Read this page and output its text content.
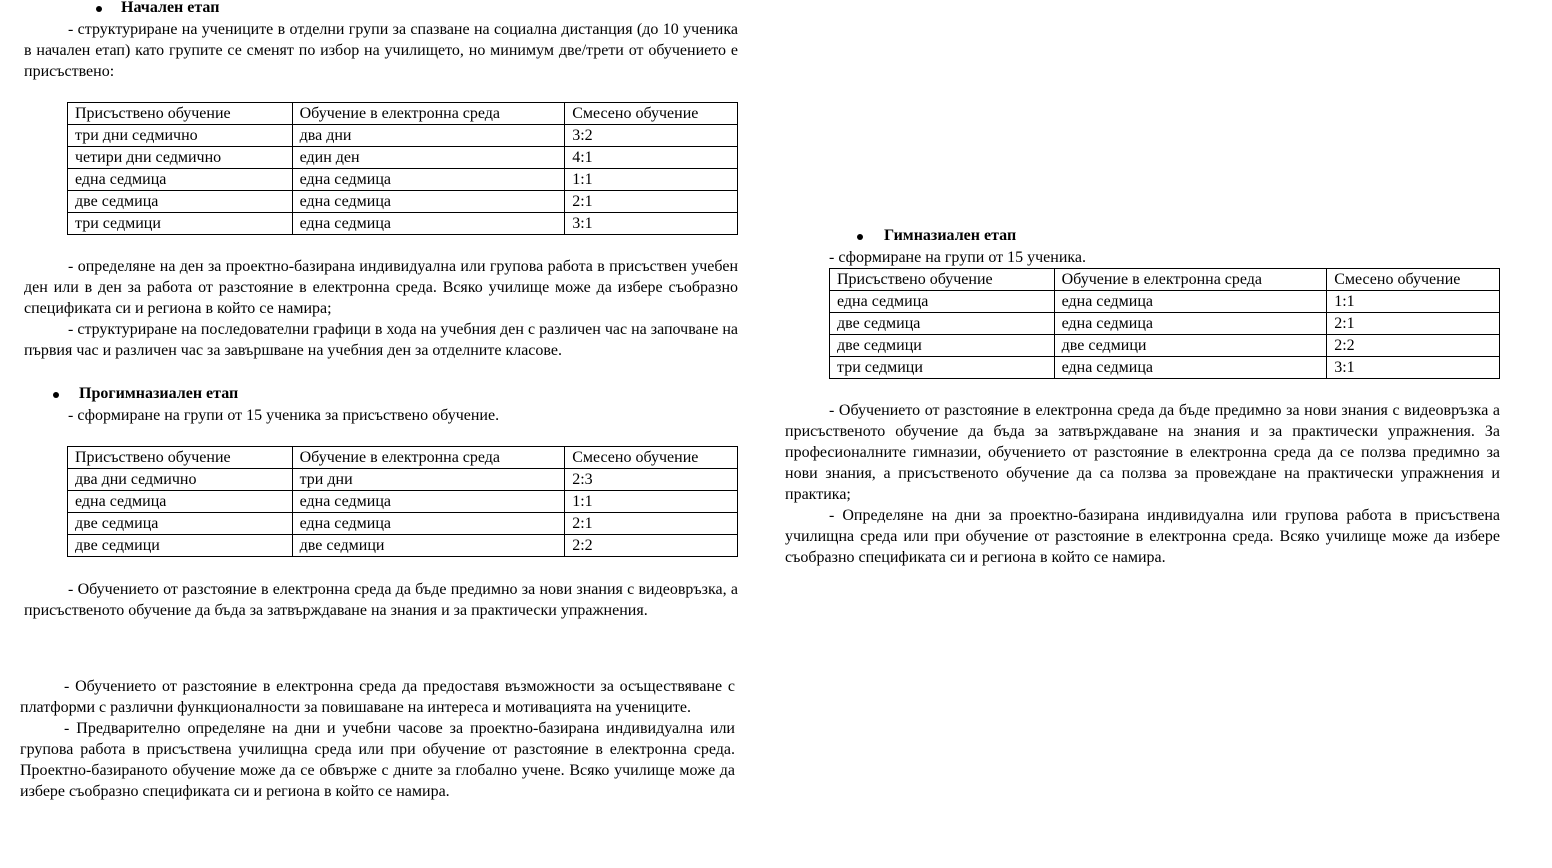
Начален етап

- структуриране на учениците в отделни групи за спазване на социална дистанция (до 10 ученика в начален етап) като групите се сменят по избор на училището, но минимум две/трети от обучението е присъствено:

Присъствено обучение	Обучение в електронна среда	Смесено обучение
три дни седмично	два дни	3:2
четири дни седмично	един ден	4:1
една седмица	една седмица	1:1
две седмица	една седмица	2:1
три седмици	една седмица	3:1

- определяне на ден за проектно-базирана индивидуална или групова работа в присъствен учебен ден или в ден за работа от разстояние в електронна среда. Всяко училище може да избере съобразно спецификата си и региона в който се намира;

- структуриране на последователни графици в хода на учебния ден с различен час на започване на първия час и различен час за завършване на учебния ден за отделните класове.

Прогимназиален етап

- сформиране на групи от 15 ученика за присъствено обучение.

Присъствено обучение	Обучение в електронна среда	Смесено обучение
два дни седмично	три дни	2:3
една седмица	една седмица	1:1
две седмица	една седмица	2:1
две седмици	две седмици	2:2

- Обучението от разстояние в електронна среда да бъде предимно за нови знания с видеовръзка, а присъственото обучение да бъда за затвърждаване на знания и за практически упражнения.

- Обучението от разстояние в електронна среда да предоставя възможности за осъществяване с платформи с различни функционалности за повишаване на интереса и мотивацията на учениците.

- Предварително определяне на дни и учебни часове за проектно-базирана индивидуална или групова работа в присъствена училищна среда или при обучение от разстояние в електронна среда. Проектно-базираното обучение може да се обвърже с дните за глобално учене. Всяко училище може да избере съобразно спецификата си и региона в който се намира.

Гимназиален етап
- сформиране на групи от 15 ученика.
Присъствено обучение	Обучение в електронна среда	Смесено обучение
една седмица	една седмица	1:1
две седмица	една седмица	2:1
две седмици	две седмици	2:2
три седмици	една седмица	3:1

- Обучението от разстояние в електронна среда да бъде предимно за нови знания с видеовръзка а присъственото обучение да бъда за затвърждаване на знания и за практически упражнения. За професионалните гимназии, обучението от разстояние в електронна среда да се ползва предимно за нови знания, а присъственото обучение да са ползва за провеждане на практически упражнения и практика;

- Определяне на дни за проектно-базирана индивидуална или групова работа в присъствена училищна среда или при обучение от разстояние в електронна среда. Всяко училище може да избере съобразно спецификата си и региона в който се намира.
